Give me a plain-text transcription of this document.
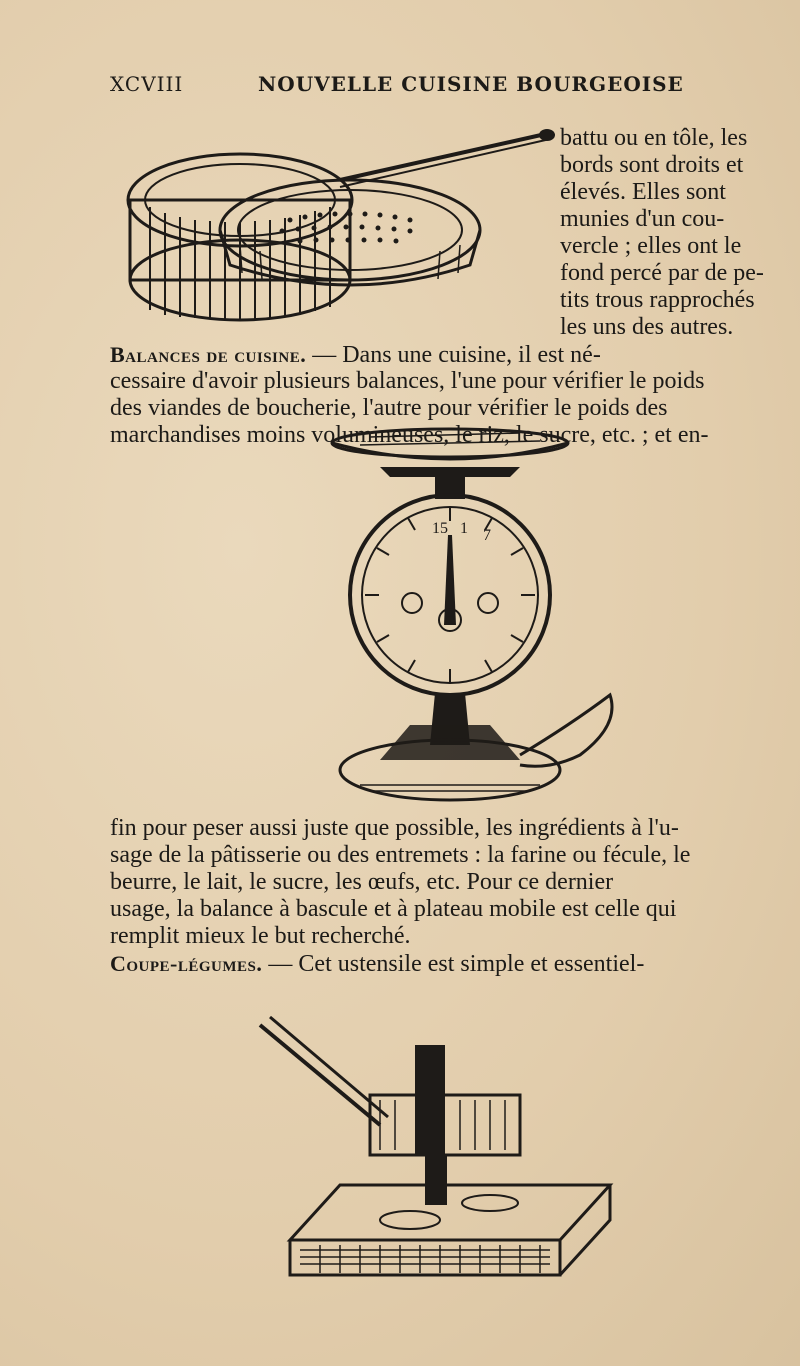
XCVIII	NOUVELLE CUISINE BOURGEOISE
battu ou en tôle, les
bords sont droits et
élevés. Elles sont
munies d'un cou-
vercle ; elles ont le
fond percé par de pe-
tits trous rapprochés
les uns des autres.
Balances de cuisine. — Dans une cuisine, il est né-
cessaire d'avoir plusieurs balances, l'une pour vérifier le poids
des viandes de boucherie, l'autre pour vérifier le poids des
marchandises moins volumineuses, le riz, le sucre, etc. ; et en-
15 1 7
fin pour peser aussi juste que possible, les ingrédients à l'u-
sage de la pâtisserie ou des entremets : la farine ou fécule, le
beurre, le lait, le sucre, les œufs, etc. Pour ce dernier
usage, la balance à bascule et à plateau mobile est celle qui
remplit mieux le but recherché.
Coupe-légumes. — Cet ustensile est simple et essentiel-
